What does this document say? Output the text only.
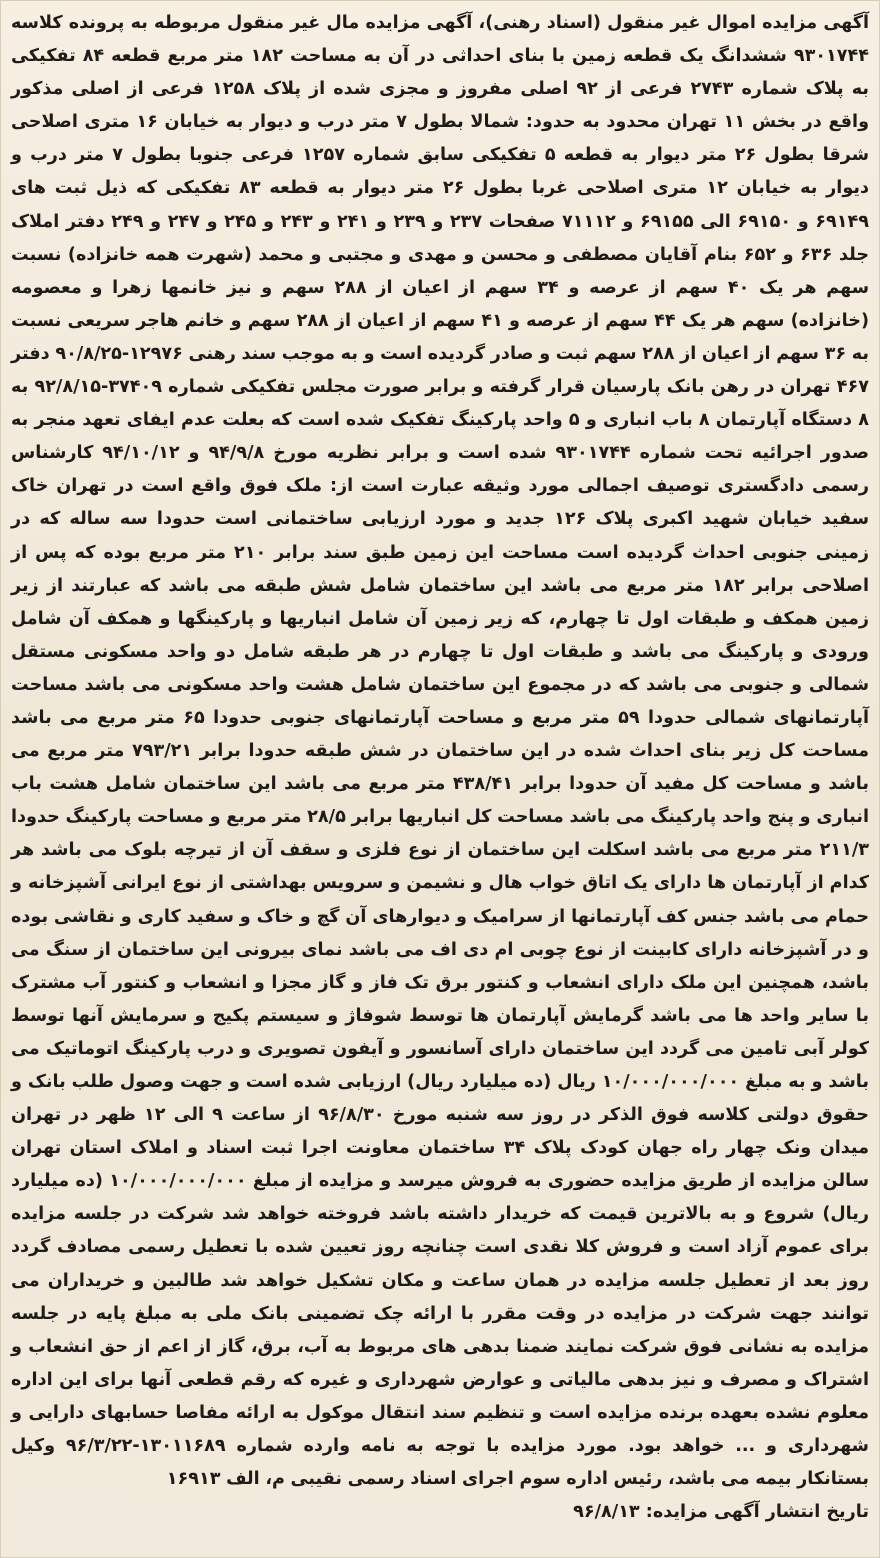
آگهی مزایده اموال غیر منقول (اسناد رهنی)، آگهی مزایده مال غیر منقول مربوطه به پرونده کلاسه ۹۳۰۱۷۴۴ ششدانگ یک قطعه زمین با بنای احداثی در آن به مساحت ۱۸۲ متر مربع قطعه ۸۴ تفکیکی به پلاک شماره ۲۷۴۳ فرعی از ۹۲ اصلی مفروز و مجزی شده از پلاک ۱۲۵۸ فرعی از اصلی مذکور واقع در بخش ۱۱ تهران محدود به حدود: شمالا بطول ۷ متر درب و دیوار به خیابان ۱۶ متری اصلاحی شرقا بطول ۲۶ متر دیوار به قطعه ۵ تفکیکی سابق شماره ۱۲۵۷ فرعی جنوبا بطول ۷ متر درب و دیوار به خیابان ۱۲ متری اصلاحی غربا بطول ۲۶ متر دیوار به قطعه ۸۳ تفکیکی که ذیل ثبت های ۶۹۱۴۹ و ۶۹۱۵۰ الی ۶۹۱۵۵ و ۷۱۱۱۲ صفحات ۲۳۷ و ۲۳۹ و ۲۴۱ و ۲۴۳ و ۲۴۵ و ۲۴۷ و ۲۴۹ دفتر املاک جلد ۶۳۶ و ۶۵۲ بنام آقایان مصطفی و محسن و مهدی و مجتبی و محمد (شهرت همه خانزاده) نسبت سهم هر یک ۴۰ سهم از عرصه و ۳۴ سهم از اعیان از ۲۸۸ سهم و نیز خانمها زهرا و معصومه (خانزاده) سهم هر یک ۴۴ سهم از عرصه و ۴۱ سهم از اعیان از ۲۸۸ سهم و خانم هاجر سریعی نسبت به ۳۶ سهم از اعیان از ۲۸۸ سهم ثبت و صادر گردیده است و به موجب سند رهنی ۱۲۹۷۶-۹۰/۸/۲۵ دفتر ۴۶۷ تهران در رهن بانک پارسیان قرار گرفته و برابر صورت مجلس تفکیکی شماره ۳۷۴۰۹-۹۲/۸/۱۵ به ۸ دستگاه آپارتمان ۸ باب انباری و ۵ واحد پارکینگ تفکیک شده است که بعلت عدم ایفای تعهد منجر به صدور اجرائیه تحت شماره ۹۳۰۱۷۴۴ شده است و برابر نظریه مورخ ۹۴/۹/۸ و ۹۴/۱۰/۱۲ کارشناس رسمی دادگستری توصیف اجمالی مورد وثیقه عبارت است از: ملک فوق واقع است در تهران خاک سفید خیابان شهید اکبری پلاک ۱۲۶ جدید و مورد ارزیابی ساختمانی است حدودا سه ساله که در زمینی جنوبی احداث گردیده است مساحت این زمین طبق سند برابر ۲۱۰ متر مربع بوده که پس از اصلاحی برابر ۱۸۲ متر مربع می باشد این ساختمان شامل شش طبقه می باشد که عبارتند از زیر زمین همکف و طبقات اول تا چهارم، که زیر زمین آن شامل انباریها و پارکینگها و همکف آن شامل ورودی و پارکینگ می باشد و طبقات اول تا چهارم در هر طبقه شامل دو واحد مسکونی مستقل شمالی و جنوبی می باشد که در مجموع این ساختمان شامل هشت واحد مسکونی می باشد مساحت آپارتمانهای شمالی حدودا ۵۹ متر مربع و مساحت آپارتمانهای جنوبی حدودا ۶۵ متر مربع می باشد مساحت کل زیر بنای احداث شده در این ساختمان در شش طبقه حدودا برابر ۷۹۳/۲۱ متر مربع می باشد و مساحت کل مفید آن حدودا برابر ۴۳۸/۴۱ متر مربع می باشد این ساختمان شامل هشت باب انباری و پنج واحد پارکینگ می باشد مساحت کل انباریها برابر ۲۸/۵ متر مربع و مساحت پارکینگ حدودا ۲۱۱/۳ متر مربع می باشد اسکلت این ساختمان از نوع فلزی و سقف آن از تیرچه بلوک می باشد هر کدام از آپارتمان ها دارای یک اتاق خواب هال و نشیمن و سرویس بهداشتی از نوع ایرانی آشپزخانه و حمام می باشد جنس کف آپارتمانها از سرامیک و دیوارهای آن گچ و خاک و سفید کاری و نقاشی بوده و در آشپزخانه دارای کابینت از نوع چوبی ام دی اف می باشد نمای بیرونی این ساختمان از سنگ می باشد، همچنین این ملک دارای انشعاب و کنتور برق تک فاز و گاز مجزا و انشعاب و کنتور آب مشترک با سایر واحد ها می باشد گرمایش آپارتمان ها توسط شوفاژ و سیستم پکیج و سرمایش آنها توسط کولر آبی تامین می گردد این ساختمان دارای آسانسور و آیفون تصویری و درب پارکینگ اتوماتیک می باشد و به مبلغ ۱۰/۰۰۰/۰۰۰/۰۰۰ ریال (ده میلیارد ریال) ارزیابی شده است و جهت وصول طلب بانک و حقوق دولتی کلاسه فوق الذکر در روز سه شنبه مورخ ۹۶/۸/۳۰ از ساعت ۹ الی ۱۲ ظهر در تهران میدان ونک چهار راه جهان کودک پلاک ۳۴ ساختمان معاونت اجرا ثبت اسناد و املاک استان تهران سالن مزایده از طریق مزایده حضوری به فروش میرسد و مزایده از مبلغ ۱۰/۰۰۰/۰۰۰/۰۰۰ (ده میلیارد ریال) شروع و به بالاترین قیمت که خریدار داشته باشد فروخته خواهد شد شرکت در جلسه مزایده برای عموم آزاد است و فروش کلا نقدی است چنانچه روز تعیین شده با تعطیل رسمی مصادف گردد روز بعد از تعطیل جلسه مزایده در همان ساعت و مکان تشکیل خواهد شد طالبین و خریداران می توانند جهت شرکت در مزایده در وقت مقرر با ارائه چک تضمینی بانک ملی به مبلغ پایه در جلسه مزایده به نشانی فوق شرکت نمایند ضمنا بدهی های مربوط به آب، برق، گاز از اعم از حق انشعاب و اشتراک و مصرف و نیز بدهی مالیاتی و عوارض شهرداری و غیره که رقم قطعی آنها برای این اداره معلوم نشده بعهده برنده مزایده است و تنظیم سند انتقال موکول به ارائه مفاصا حسابهای دارایی و شهرداری و ... خواهد بود. مورد مزایده با توجه به نامه وارده شماره ۱۳۰۱۱۶۸۹-۹۶/۳/۲۲ وکیل بستانکار بیمه می باشد، رئیس اداره سوم اجرای اسناد رسمی نقیبی م، الف ۱۶۹۱۳

تاریخ انتشار آگهی مزایده: ۹۶/۸/۱۳
